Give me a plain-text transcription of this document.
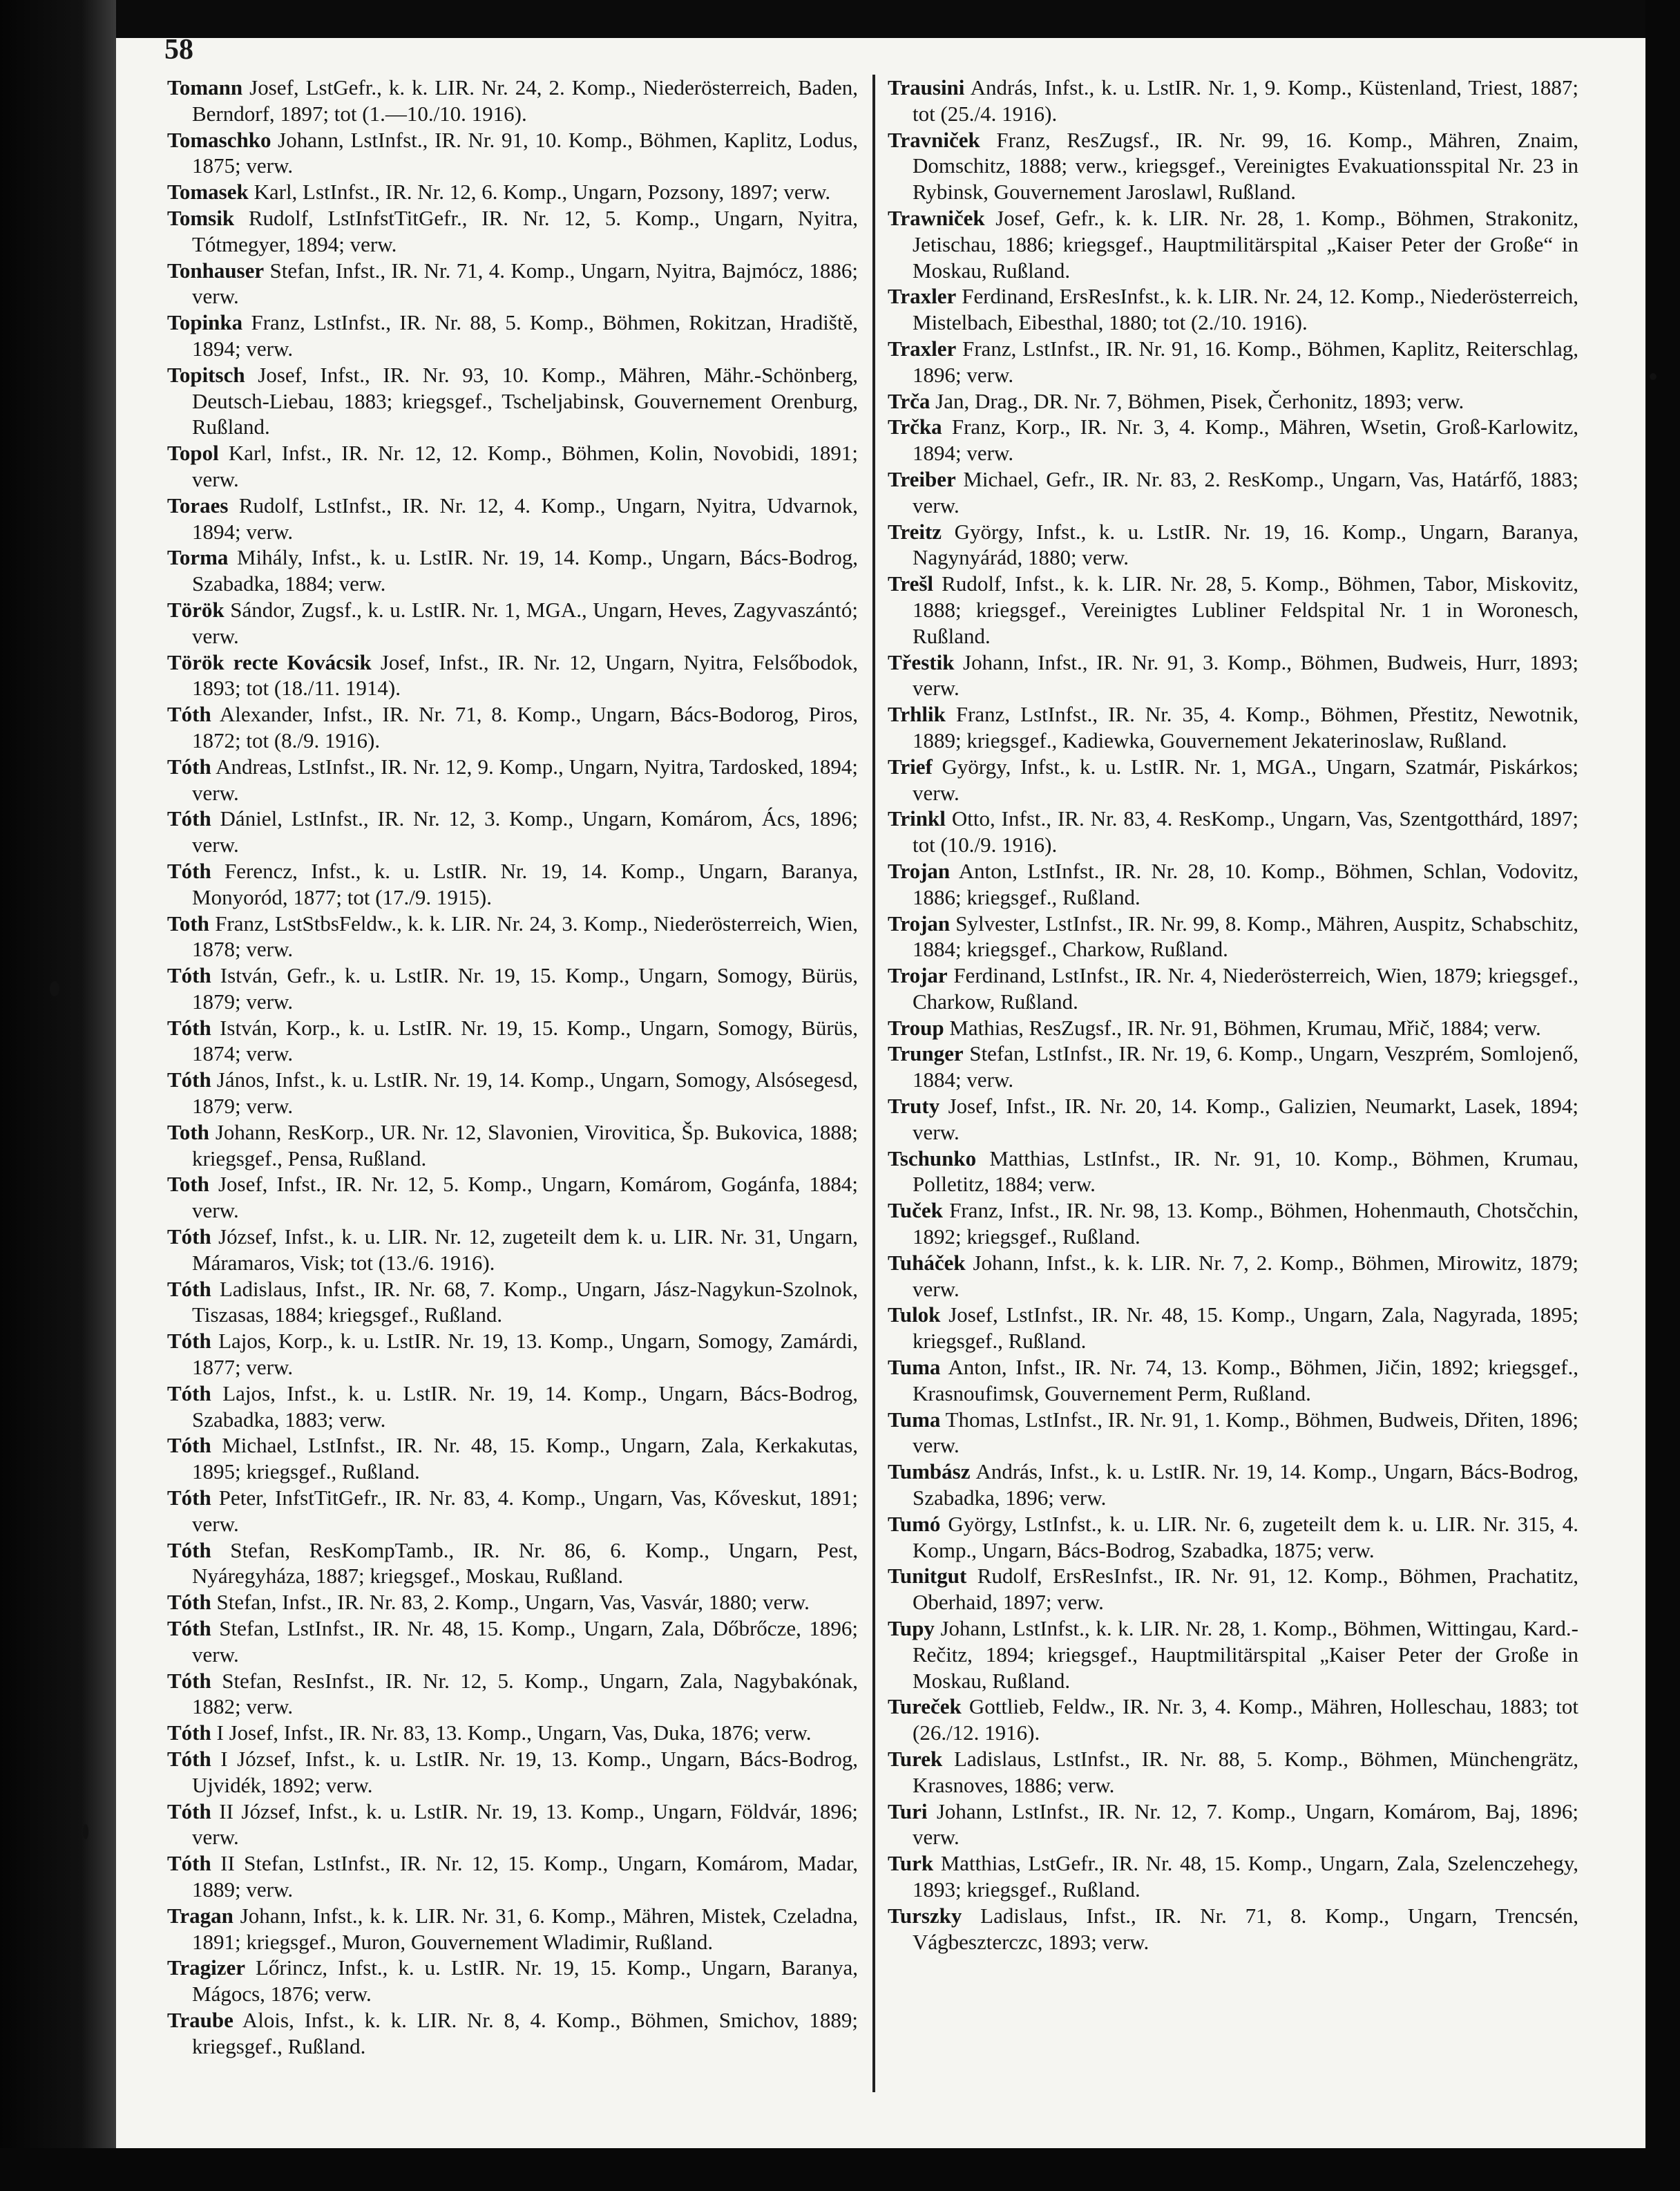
58

Tomann Josef, LstGefr., k. k. LIR. Nr. 24, 2. Komp., Niederösterreich, Baden, Berndorf, 1897; tot (1.—10./10. 1916).

Tomaschko Johann, LstInfst., IR. Nr. 91, 10. Komp., Böhmen, Kaplitz, Lodus, 1875; verw.

Tomasek Karl, LstInfst., IR. Nr. 12, 6. Komp., Ungarn, Pozsony, 1897; verw.

Tomsik Rudolf, LstInfstTitGefr., IR. Nr. 12, 5. Komp., Ungarn, Nyitra, Tótmegyer, 1894; verw.

Tonhauser Stefan, Infst., IR. Nr. 71, 4. Komp., Ungarn, Nyitra, Bajmócz, 1886; verw.

Topinka Franz, LstInfst., IR. Nr. 88, 5. Komp., Böhmen, Rokitzan, Hradiště, 1894; verw.

Topitsch Josef, Infst., IR. Nr. 93, 10. Komp., Mähren, Mähr.-Schönberg, Deutsch-Liebau, 1883; kriegsgef., Tscheljabinsk, Gouvernement Orenburg, Rußland.

Topol Karl, Infst., IR. Nr. 12, 12. Komp., Böhmen, Kolin, Novobidi, 1891; verw.

Toraes Rudolf, LstInfst., IR. Nr. 12, 4. Komp., Ungarn, Nyitra, Udvarnok, 1894; verw.

Torma Mihály, Infst., k. u. LstIR. Nr. 19, 14. Komp., Ungarn, Bács-Bodrog, Szabadka, 1884; verw.

Török Sándor, Zugsf., k. u. LstIR. Nr. 1, MGA., Ungarn, Heves, Zagyvaszántó; verw.

Török recte Kovácsik Josef, Infst., IR. Nr. 12, Ungarn, Nyitra, Felsőbodok, 1893; tot (18./11. 1914).

Tóth Alexander, Infst., IR. Nr. 71, 8. Komp., Ungarn, Bács-Bodorog, Piros, 1872; tot (8./9. 1916).

Tóth Andreas, LstInfst., IR. Nr. 12, 9. Komp., Ungarn, Nyitra, Tardosked, 1894; verw.

Tóth Dániel, LstInfst., IR. Nr. 12, 3. Komp., Ungarn, Komárom, Ács, 1896; verw.

Tóth Ferencz, Infst., k. u. LstIR. Nr. 19, 14. Komp., Ungarn, Baranya, Monyoród, 1877; tot (17./9. 1915).

Toth Franz, LstStbsFeldw., k. k. LIR. Nr. 24, 3. Komp., Niederösterreich, Wien, 1878; verw.

Tóth István, Gefr., k. u. LstIR. Nr. 19, 15. Komp., Ungarn, Somogy, Bürüs, 1879; verw.

Tóth István, Korp., k. u. LstIR. Nr. 19, 15. Komp., Ungarn, Somogy, Bürüs, 1874; verw.

Tóth János, Infst., k. u. LstIR. Nr. 19, 14. Komp., Ungarn, Somogy, Alsósegesd, 1879; verw.

Toth Johann, ResKorp., UR. Nr. 12, Slavonien, Virovitica, Šp. Bukovica, 1888; kriegsgef., Pensa, Rußland.

Toth Josef, Infst., IR. Nr. 12, 5. Komp., Ungarn, Komárom, Gogánfa, 1884; verw.

Tóth József, Infst., k. u. LIR. Nr. 12, zugeteilt dem k. u. LIR. Nr. 31, Ungarn, Máramaros, Visk; tot (13./6. 1916).

Tóth Ladislaus, Infst., IR. Nr. 68, 7. Komp., Ungarn, Jász-Nagykun-Szolnok, Tiszasas, 1884; kriegsgef., Rußland.

Tóth Lajos, Korp., k. u. LstIR. Nr. 19, 13. Komp., Ungarn, Somogy, Zamárdi, 1877; verw.

Tóth Lajos, Infst., k. u. LstIR. Nr. 19, 14. Komp., Ungarn, Bács-Bodrog, Szabadka, 1883; verw.

Tóth Michael, LstInfst., IR. Nr. 48, 15. Komp., Ungarn, Zala, Kerkakutas, 1895; kriegsgef., Rußland.

Tóth Peter, InfstTitGefr., IR. Nr. 83, 4. Komp., Ungarn, Vas, Kőveskut, 1891; verw.

Tóth Stefan, ResKompTamb., IR. Nr. 86, 6. Komp., Ungarn, Pest, Nyáregyháza, 1887; kriegsgef., Moskau, Rußland.

Tóth Stefan, Infst., IR. Nr. 83, 2. Komp., Ungarn, Vas, Vasvár, 1880; verw.

Tóth Stefan, LstInfst., IR. Nr. 48, 15. Komp., Ungarn, Zala, Dőbrőcze, 1896; verw.

Tóth Stefan, ResInfst., IR. Nr. 12, 5. Komp., Ungarn, Zala, Nagybakónak, 1882; verw.

Tóth I Josef, Infst., IR. Nr. 83, 13. Komp., Ungarn, Vas, Duka, 1876; verw.

Tóth I József, Infst., k. u. LstIR. Nr. 19, 13. Komp., Ungarn, Bács-Bodrog, Ujvidék, 1892; verw.

Tóth II József, Infst., k. u. LstIR. Nr. 19, 13. Komp., Ungarn, Földvár, 1896; verw.

Tóth II Stefan, LstInfst., IR. Nr. 12, 15. Komp., Ungarn, Komárom, Madar, 1889; verw.

Tragan Johann, Infst., k. k. LIR. Nr. 31, 6. Komp., Mähren, Mistek, Czeladna, 1891; kriegsgef., Muron, Gouvernement Wladimir, Rußland.

Tragizer Lőrincz, Infst., k. u. LstIR. Nr. 19, 15. Komp., Ungarn, Baranya, Mágocs, 1876; verw.

Traube Alois, Infst., k. k. LIR. Nr. 8, 4. Komp., Böhmen, Smichov, 1889; kriegsgef., Rußland.

Trausini András, Infst., k. u. LstIR. Nr. 1, 9. Komp., Küstenland, Triest, 1887; tot (25./4. 1916).

Travniček Franz, ResZugsf., IR. Nr. 99, 16. Komp., Mähren, Znaim, Domschitz, 1888; verw., kriegsgef., Vereinigtes Evakuationsspital Nr. 23 in Rybinsk, Gouvernement Jaroslawl, Rußland.

Trawniček Josef, Gefr., k. k. LIR. Nr. 28, 1. Komp., Böhmen, Strakonitz, Jetischau, 1886; kriegsgef., Hauptmilitärspital „Kaiser Peter der Große“ in Moskau, Rußland.

Traxler Ferdinand, ErsResInfst., k. k. LIR. Nr. 24, 12. Komp., Niederösterreich, Mistelbach, Eibesthal, 1880; tot (2./10. 1916).

Traxler Franz, LstInfst., IR. Nr. 91, 16. Komp., Böhmen, Kaplitz, Reiterschlag, 1896; verw.

Trča Jan, Drag., DR. Nr. 7, Böhmen, Pisek, Čerhonitz, 1893; verw.

Trčka Franz, Korp., IR. Nr. 3, 4. Komp., Mähren, Wsetin, Groß-Karlowitz, 1894; verw.

Treiber Michael, Gefr., IR. Nr. 83, 2. ResKomp., Ungarn, Vas, Határfő, 1883; verw.

Treitz György, Infst., k. u. LstIR. Nr. 19, 16. Komp., Ungarn, Baranya, Nagynyárád, 1880; verw.

Trešl Rudolf, Infst., k. k. LIR. Nr. 28, 5. Komp., Böhmen, Tabor, Miskovitz, 1888; kriegsgef., Vereinigtes Lubliner Feldspital Nr. 1 in Woronesch, Rußland.

Třestik Johann, Infst., IR. Nr. 91, 3. Komp., Böhmen, Budweis, Hurr, 1893; verw.

Trhlik Franz, LstInfst., IR. Nr. 35, 4. Komp., Böhmen, Přestitz, Newotnik, 1889; kriegsgef., Kadiewka, Gouvernement Jekaterinoslaw, Rußland.

Trief György, Infst., k. u. LstIR. Nr. 1, MGA., Ungarn, Szatmár, Piskárkos; verw.

Trinkl Otto, Infst., IR. Nr. 83, 4. ResKomp., Ungarn, Vas, Szentgotthárd, 1897; tot (10./9. 1916).

Trojan Anton, LstInfst., IR. Nr. 28, 10. Komp., Böhmen, Schlan, Vodovitz, 1886; kriegsgef., Rußland.

Trojan Sylvester, LstInfst., IR. Nr. 99, 8. Komp., Mähren, Auspitz, Schabschitz, 1884; kriegsgef., Charkow, Rußland.

Trojar Ferdinand, LstInfst., IR. Nr. 4, Niederösterreich, Wien, 1879; kriegsgef., Charkow, Rußland.

Troup Mathias, ResZugsf., IR. Nr. 91, Böhmen, Krumau, Mřič, 1884; verw.

Trunger Stefan, LstInfst., IR. Nr. 19, 6. Komp., Ungarn, Veszprém, Somlojenő, 1884; verw.

Truty Josef, Infst., IR. Nr. 20, 14. Komp., Galizien, Neumarkt, Lasek, 1894; verw.

Tschunko Matthias, LstInfst., IR. Nr. 91, 10. Komp., Böhmen, Krumau, Polletitz, 1884; verw.

Tuček Franz, Infst., IR. Nr. 98, 13. Komp., Böhmen, Hohenmauth, Chotsčchin, 1892; kriegsgef., Rußland.

Tuháček Johann, Infst., k. k. LIR. Nr. 7, 2. Komp., Böhmen, Mirowitz, 1879; verw.

Tulok Josef, LstInfst., IR. Nr. 48, 15. Komp., Ungarn, Zala, Nagyrada, 1895; kriegsgef., Rußland.

Tuma Anton, Infst., IR. Nr. 74, 13. Komp., Böhmen, Jičin, 1892; kriegsgef., Krasnoufimsk, Gouvernement Perm, Rußland.

Tuma Thomas, LstInfst., IR. Nr. 91, 1. Komp., Böhmen, Budweis, Dřiten, 1896; verw.

Tumbász András, Infst., k. u. LstIR. Nr. 19, 14. Komp., Ungarn, Bács-Bodrog, Szabadka, 1896; verw.

Tumó György, LstInfst., k. u. LIR. Nr. 6, zugeteilt dem k. u. LIR. Nr. 315, 4. Komp., Ungarn, Bács-Bodrog, Szabadka, 1875; verw.

Tunitgut Rudolf, ErsResInfst., IR. Nr. 91, 12. Komp., Böhmen, Prachatitz, Oberhaid, 1897; verw.

Tupy Johann, LstInfst., k. k. LIR. Nr. 28, 1. Komp., Böhmen, Wittingau, Kard.-Rečitz, 1894; kriegsgef., Hauptmilitärspital „Kaiser Peter der Große in Moskau, Rußland.

Tureček Gottlieb, Feldw., IR. Nr. 3, 4. Komp., Mähren, Holleschau, 1883; tot (26./12. 1916).

Turek Ladislaus, LstInfst., IR. Nr. 88, 5. Komp., Böhmen, Münchengrätz, Krasnoves, 1886; verw.

Turi Johann, LstInfst., IR. Nr. 12, 7. Komp., Ungarn, Komárom, Baj, 1896; verw.

Turk Matthias, LstGefr., IR. Nr. 48, 15. Komp., Ungarn, Zala, Szelenczehegy, 1893; kriegsgef., Rußland.

Turszky Ladislaus, Infst., IR. Nr. 71, 8. Komp., Ungarn, Trencsén, Vágbeszterczc, 1893; verw.
